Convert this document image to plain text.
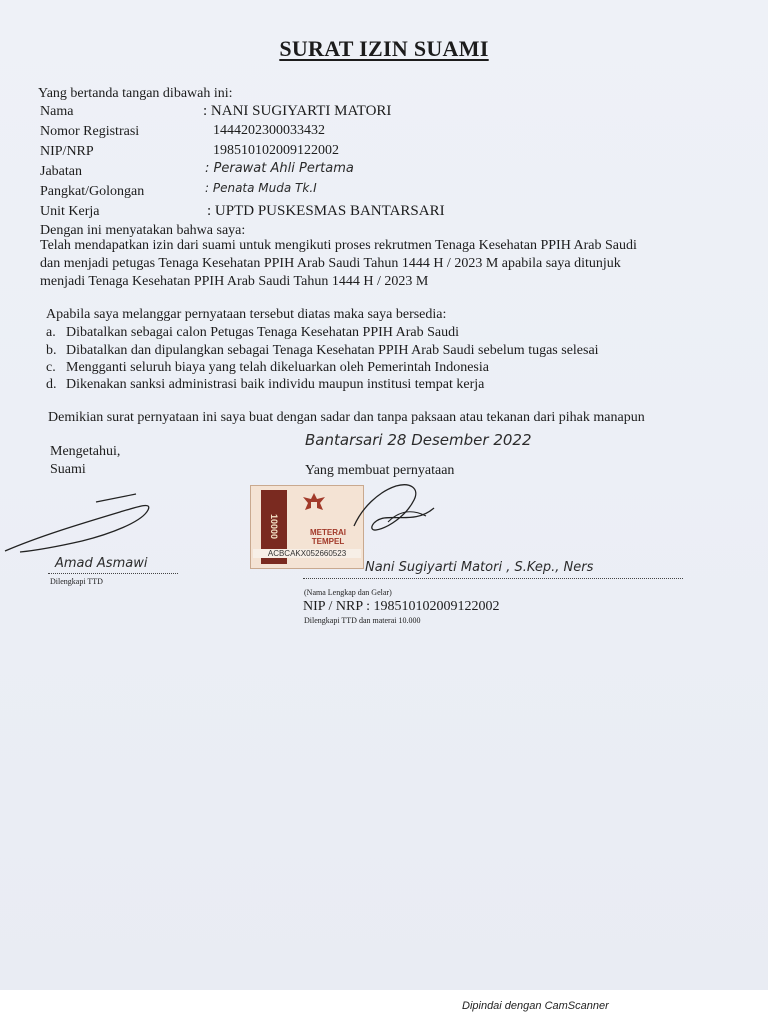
SURAT IZIN SUAMI
Yang bertanda tangan dibawah ini:
Nama	: NANI SUGIYARTI MATORI
Nomor Registrasi	1444202300033432
NIP/NRP	198510102009122002
Jabatan	: Perawat Ahli Pertama
Pangkat/Golongan	: Penata Muda Tk.I
Unit Kerja	: UPTD PUSKESMAS BANTARSARI
Dengan ini menyatakan bahwa saya:
Telah mendapatkan izin dari suami untuk mengikuti proses rekrutmen Tenaga Kesehatan PPIH Arab Saudi
dan menjadi petugas Tenaga Kesehatan PPIH Arab Saudi Tahun 1444 H / 2023 M apabila saya ditunjuk
menjadi Tenaga Kesehatan PPIH Arab Saudi Tahun 1444 H / 2023 M
Apabila saya melanggar pernyataan tersebut diatas maka saya bersedia:
a. Dibatalkan sebagai calon Petugas Tenaga Kesehatan PPIH Arab Saudi
b. Dibatalkan dan dipulangkan sebagai Tenaga Kesehatan PPIH Arab Saudi sebelum tugas selesai
c. Mengganti seluruh biaya yang telah dikeluarkan oleh Pemerintah Indonesia
d. Dikenakan sanksi administrasi baik individu maupun institusi tempat kerja
Demikian surat pernyataan ini saya buat dengan sadar dan tanpa paksaan atau tekanan dari pihak manapun
Bantarsari 28 Desember 2022
Mengetahui,
Suami
Amad Asmawi
Dilengkapi TTD
Yang membuat pernyataan
10000	METERAI
TEMPEL
ACBCAKX052660523
Nani Sugiyarti Matori , S.Kep., Ners
(Nama Lengkap dan Gelar)
NIP / NRP : 198510102009122002
Dilengkapi TTD dan materai 10.000
Dipindai dengan CamScanner
